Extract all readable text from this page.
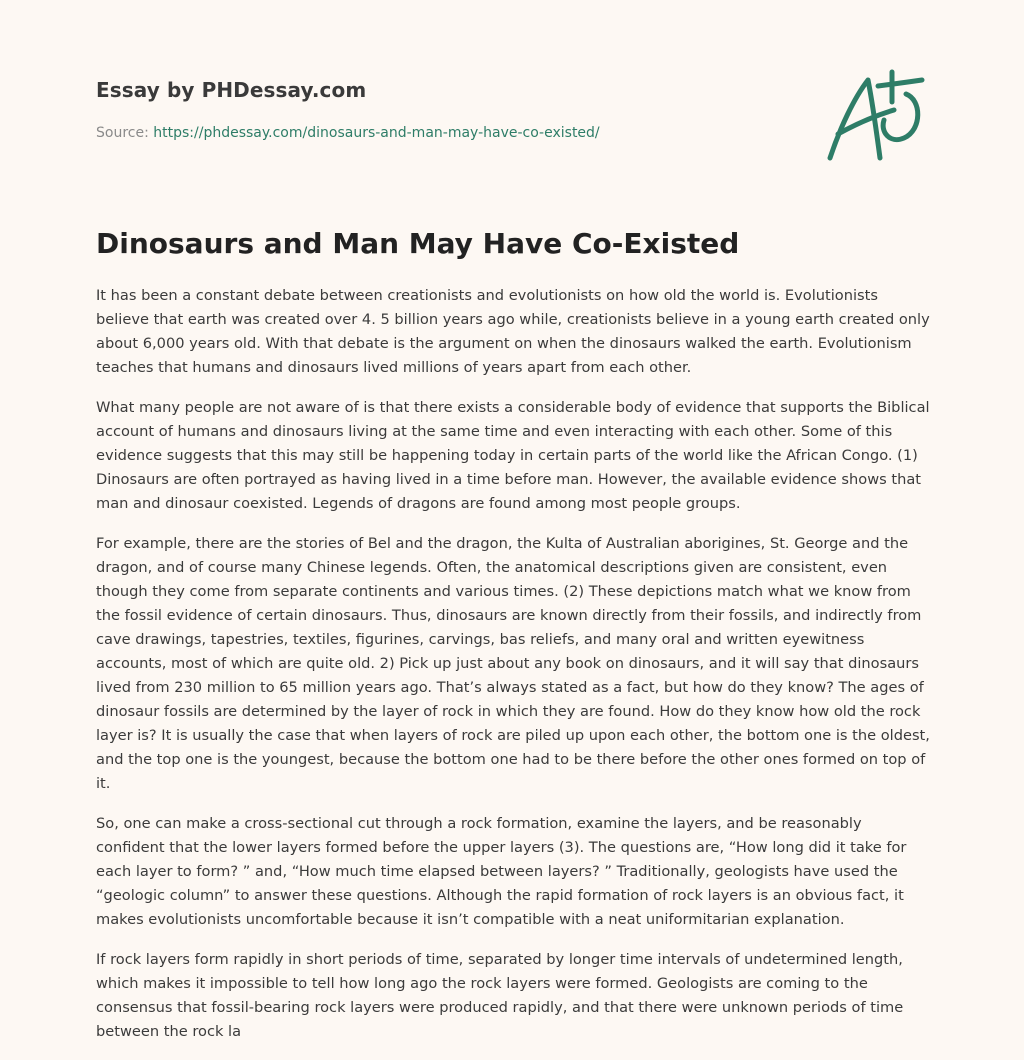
Essay by PHDessay.com
Source: https://phdessay.com/dinosaurs-and-man-may-have-co-existed/
Dinosaurs and Man May Have Co-Existed

It has been a constant debate between creationists and evolutionists on how old the world is. Evolutionists believe that earth was created over 4. 5 billion years ago while, creationists believe in a young earth created only about 6,000 years old. With that debate is the argument on when the dinosaurs walked the earth. Evolutionism teaches that humans and dinosaurs lived millions of years apart from each other.

What many people are not aware of is that there exists a considerable body of evidence that supports the Biblical account of humans and dinosaurs living at the same time and even interacting with each other. Some of this evidence suggests that this may still be happening today in certain parts of the world like the African Congo. (1) Dinosaurs are often portrayed as having lived in a time before man. However, the available evidence shows that man and dinosaur coexisted. Legends of dragons are found among most people groups.

For example, there are the stories of Bel and the dragon, the Kulta of Australian aborigines, St. George and the dragon, and of course many Chinese legends. Often, the anatomical descriptions given are consistent, even though they come from separate continents and various times. (2) These depictions match what we know from the fossil evidence of certain dinosaurs. Thus, dinosaurs are known directly from their fossils, and indirectly from cave drawings, tapestries, textiles, figurines, carvings, bas reliefs, and many oral and written eyewitness accounts, most of which are quite old. 2) Pick up just about any book on dinosaurs, and it will say that dinosaurs lived from 230 million to 65 million years ago. That’s always stated as a fact, but how do they know? The ages of dinosaur fossils are determined by the layer of rock in which they are found. How do they know how old the rock layer is? It is usually the case that when layers of rock are piled up upon each other, the bottom one is the oldest, and the top one is the youngest, because the bottom one had to be there before the other ones formed on top of it.

So, one can make a cross-sectional cut through a rock formation, examine the layers, and be reasonably confident that the lower layers formed before the upper layers (3). The questions are, “How long did it take for each layer to form? ” and, “How much time elapsed between layers? ” Traditionally, geologists have used the “geologic column” to answer these questions. Although the rapid formation of rock layers is an obvious fact, it makes evolutionists uncomfortable because it isn’t compatible with a neat uniformitarian explanation.

If rock layers form rapidly in short periods of time, separated by longer time intervals of undetermined length, which makes it impossible to tell how long ago the rock layers were formed. Geologists are coming to the consensus that fossil-bearing rock layers were produced rapidly, and that there were unknown periods of time between the rock la
